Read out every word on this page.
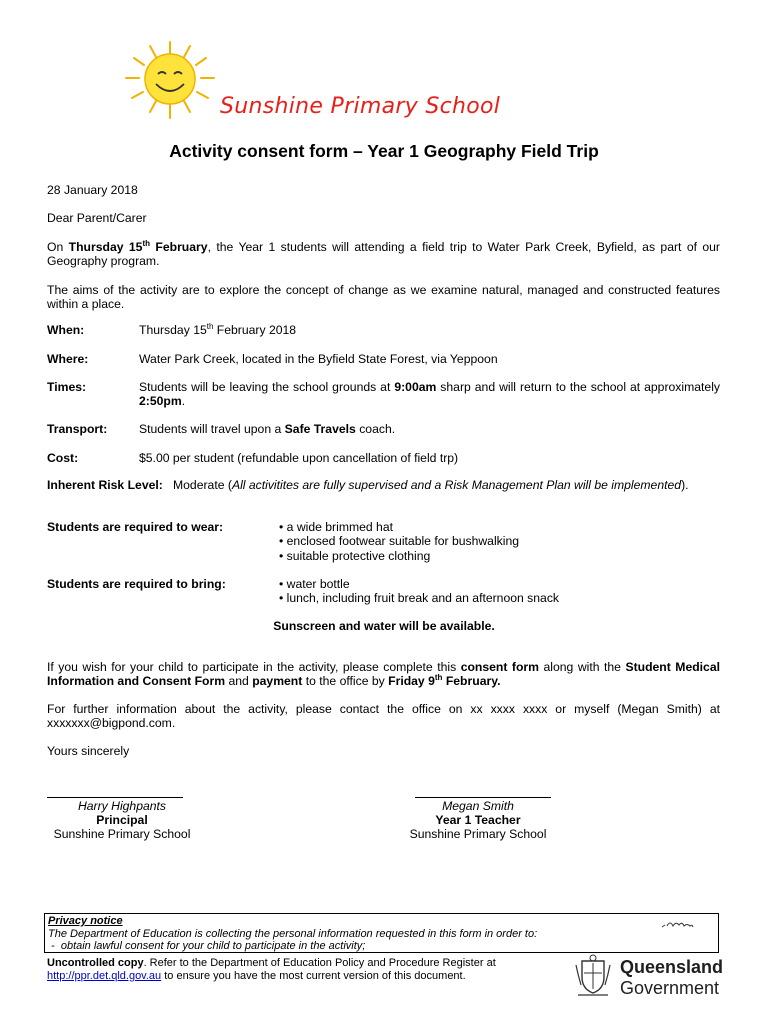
Sunshine Primary School
Activity consent form – Year 1 Geography Field Trip
28 January 2018
Dear Parent/Carer
On Thursday 15th February, the Year 1 students will attending a field trip to Water Park Creek, Byfield, as part of our Geography program.
The aims of the activity are to explore the concept of change as we examine natural, managed and constructed features within a place.
When:	Thursday 15th February 2018
Where:	Water Park Creek, located in the Byfield State Forest, via Yeppoon
Times:	Students will be leaving the school grounds at 9:00am sharp and will return to the school at approximately 2:50pm.
Transport:	Students will travel upon a Safe Travels coach.
Cost:	$5.00 per student (refundable upon cancellation of field trp)
Inherent Risk Level: Moderate (All activitites are fully supervised and a Risk Management Plan will be implemented).
Students are required to wear:	• a wide brimmed hat
• enclosed footwear suitable for bushwalking
• suitable protective clothing
Students are required to bring:	• water bottle
• lunch, including fruit break and an afternoon snack
Sunscreen and water will be available.
If you wish for your child to participate in the activity, please complete this consent form along with the Student Medical Information and Consent Form and payment to the office by Friday 9th February.
For further information about the activity, please contact the office on xx xxxx xxxx or myself (Megan Smith) at xxxxxxx@bigpond.com.
Yours sincerely
Harry Highpants
Principal
Sunshine Primary School
Megan Smith
Year 1 Teacher
Sunshine Primary School
Privacy notice
The Department of Education is collecting the personal information requested in this form in order to:
-  obtain lawful consent for your child to participate in the activity;
Uncontrolled copy. Refer to the Department of Education Policy and Procedure Register at
http://ppr.det.qld.gov.au to ensure you have the most current version of this document.	Queensland
Government
